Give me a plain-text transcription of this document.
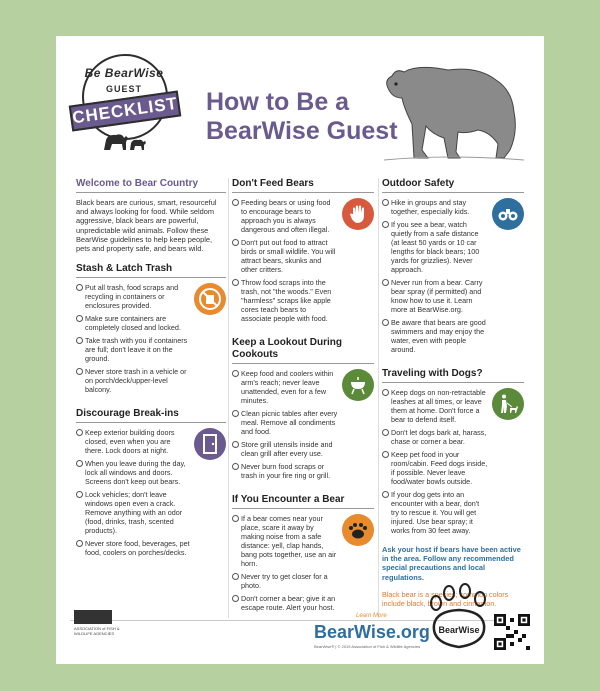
Be BearWise
GUEST
CHECKLIST How to Be a BearWise Guest
Welcome to Bear Country
Black bears are curious, smart, resourceful and always looking for food. While seldom aggressive, black bears are powerful, unpredictable wild animals. Follow these BearWise guidelines to help keep people, pets and property safe, and bears wild.
Stash & Latch Trash
Put all trash, food scraps and recycling in containers or enclosures provided.
Make sure containers are completely closed and locked.
Take trash with you if containers are full; don't leave it on the ground.
Never store trash in a vehicle or on porch/deck/upper-level balcony.
Discourage Break-ins
Keep exterior building doors closed, even when you are there. Lock doors at night.
When you leave during the day, lock all windows and doors. Screens don't keep out bears.
Lock vehicles; don't leave windows open even a crack. Remove anything with an odor (food, drinks, trash, scented products).
Never store food, beverages, pet food, coolers on porches/decks.
Don't Feed Bears
Feeding bears or using food to encourage bears to approach you is always dangerous and often illegal.
Don't put out food to attract birds or small wildlife. You will attract bears, skunks and other critters.
Throw food scraps into the trash, not "the woods." Even "harmless" scraps like apple cores teach bears to associate people with food.
Keep a Lookout During Cookouts
Keep food and coolers within arm's reach; never leave unattended, even for a few minutes.
Clean picnic tables after every meal. Remove all condiments and food.
Store grill utensils inside and clean grill after every use.
Never burn food scraps or trash in your fire ring or grill.
If You Encounter a Bear
If a bear comes near your place, scare it away by making noise from a safe distance: yell, clap hands, bang pots together, use an air horn.
Never try to get closer for a photo.
Don't corner a bear; give it an escape route. Alert your host.
Outdoor Safety
Hike in groups and stay together, especially kids.
If you see a bear, watch quietly from a safe distance (at least 50 yards or 10 car lengths for black bears; 100 yards for grizzlies). Never approach.
Never run from a bear. Carry bear spray (if permitted) and know how to use it. Learn more at BearWise.org.
Be aware that bears are good swimmers and may enjoy the water, even with people around.
Traveling with Dogs?
Keep dogs on non-retractable leashes at all times, or leave them at home. Don't force a bear to defend itself.
Don't let dogs bark at, harass, chase or corner a bear.
Keep pet food in your room/cabin. Feed dogs inside, if possible. Never leave food/water bowls outside.
If your dog gets into an encounter with a bear, don't try to rescue it. You will get injured. Use bear spray; it works from 30 feet away.
Ask your host if bears have been active in the area. Follow any recommended special precautions and local regulations.
Black bear is a species; common colors include black, brown and cinnamon.
ASSOCIATION of FISH & WILDLIFE AGENCIES
Learn More
BearWise.org
BearWise® | © 2019 Association of Fish & Wildlife Agencies
BearWise
